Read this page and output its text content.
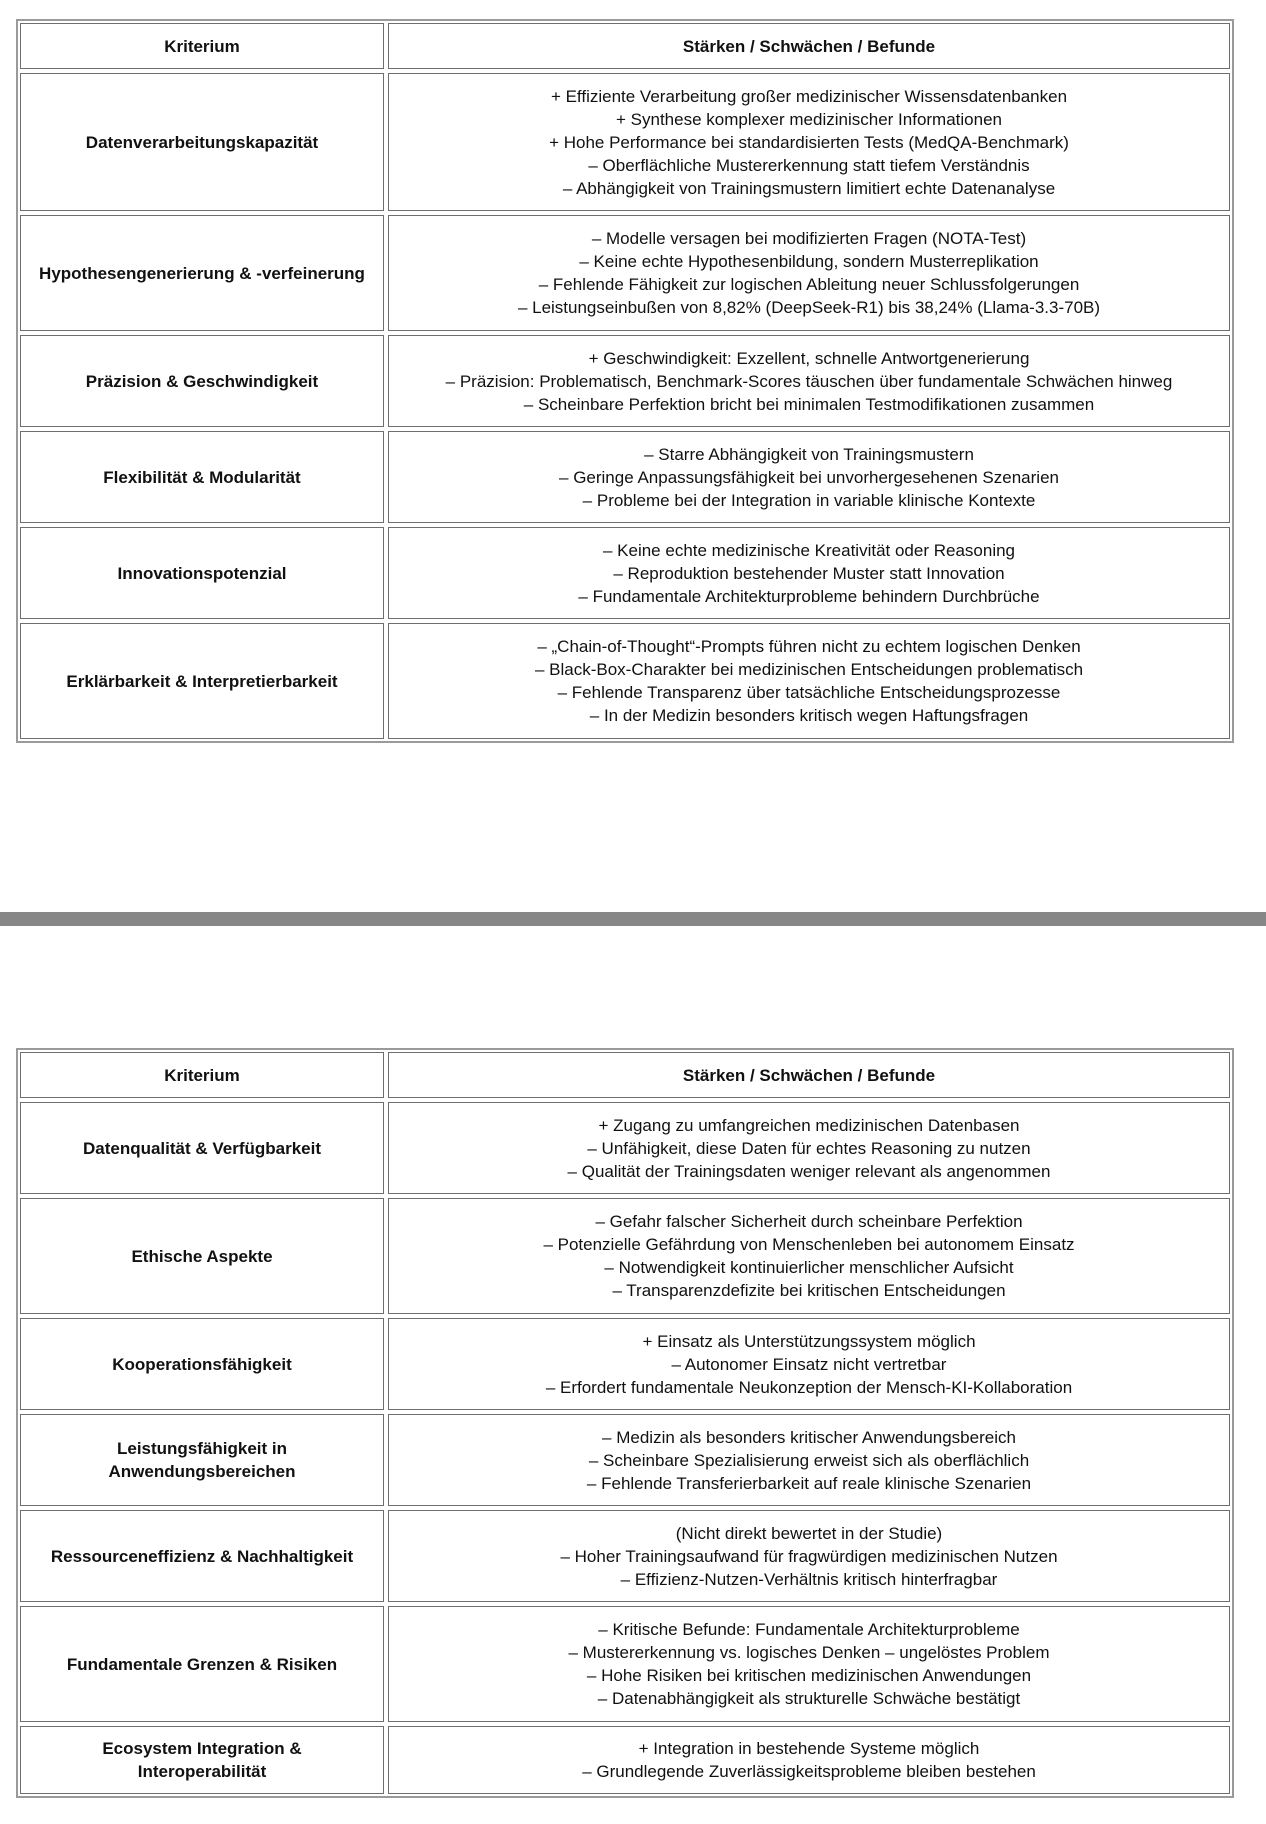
Kriterium	Stärken / Schwächen / Befunde
Datenverarbeitungskapazität
+ Effiziente Verarbeitung großer medizinischer Wissensdatenbanken
+ Synthese komplexer medizinischer Informationen
+ Hohe Performance bei standardisierten Tests (MedQA-Benchmark)
– Oberflächliche Mustererkennung statt tiefem Verständnis
– Abhängigkeit von Trainingsmustern limitiert echte Datenanalyse
Hypothesengenerierung & -verfeinerung
– Modelle versagen bei modifizierten Fragen (NOTA-Test)
– Keine echte Hypothesenbildung, sondern Musterreplikation
– Fehlende Fähigkeit zur logischen Ableitung neuer Schlussfolgerungen
– Leistungseinbußen von 8,82% (DeepSeek-R1) bis 38,24% (Llama-3.3-70B)
Präzision & Geschwindigkeit
+ Geschwindigkeit: Exzellent, schnelle Antwortgenerierung
– Präzision: Problematisch, Benchmark-Scores täuschen über fundamentale Schwächen hinweg
– Scheinbare Perfektion bricht bei minimalen Testmodifikationen zusammen
Flexibilität & Modularität
– Starre Abhängigkeit von Trainingsmustern
– Geringe Anpassungsfähigkeit bei unvorhergesehenen Szenarien
– Probleme bei der Integration in variable klinische Kontexte
Innovationspotenzial
– Keine echte medizinische Kreativität oder Reasoning
– Reproduktion bestehender Muster statt Innovation
– Fundamentale Architekturprobleme behindern Durchbrüche
Erklärbarkeit & Interpretierbarkeit
– „Chain-of-Thought“-Prompts führen nicht zu echtem logischen Denken
– Black-Box-Charakter bei medizinischen Entscheidungen problematisch
– Fehlende Transparenz über tatsächliche Entscheidungsprozesse
– In der Medizin besonders kritisch wegen Haftungsfragen
Kriterium	Stärken / Schwächen / Befunde
Datenqualität & Verfügbarkeit
+ Zugang zu umfangreichen medizinischen Datenbasen
– Unfähigkeit, diese Daten für echtes Reasoning zu nutzen
– Qualität der Trainingsdaten weniger relevant als angenommen
Ethische Aspekte
– Gefahr falscher Sicherheit durch scheinbare Perfektion
– Potenzielle Gefährdung von Menschenleben bei autonomem Einsatz
– Notwendigkeit kontinuierlicher menschlicher Aufsicht
– Transparenzdefizite bei kritischen Entscheidungen
Kooperationsfähigkeit
+ Einsatz als Unterstützungssystem möglich
– Autonomer Einsatz nicht vertretbar
– Erfordert fundamentale Neukonzeption der Mensch-KI-Kollaboration
Leistungsfähigkeit in
Anwendungsbereichen
– Medizin als besonders kritischer Anwendungsbereich
– Scheinbare Spezialisierung erweist sich als oberflächlich
– Fehlende Transferierbarkeit auf reale klinische Szenarien
Ressourceneffizienz & Nachhaltigkeit
(Nicht direkt bewertet in der Studie)
– Hoher Trainingsaufwand für fragwürdigen medizinischen Nutzen
– Effizienz-Nutzen-Verhältnis kritisch hinterfragbar
Fundamentale Grenzen & Risiken
– Kritische Befunde: Fundamentale Architekturprobleme
– Mustererkennung vs. logisches Denken – ungelöstes Problem
– Hohe Risiken bei kritischen medizinischen Anwendungen
– Datenabhängigkeit als strukturelle Schwäche bestätigt
Ecosystem Integration &
Interoperabilität
+ Integration in bestehende Systeme möglich
– Grundlegende Zuverlässigkeitsprobleme bleiben bestehen
